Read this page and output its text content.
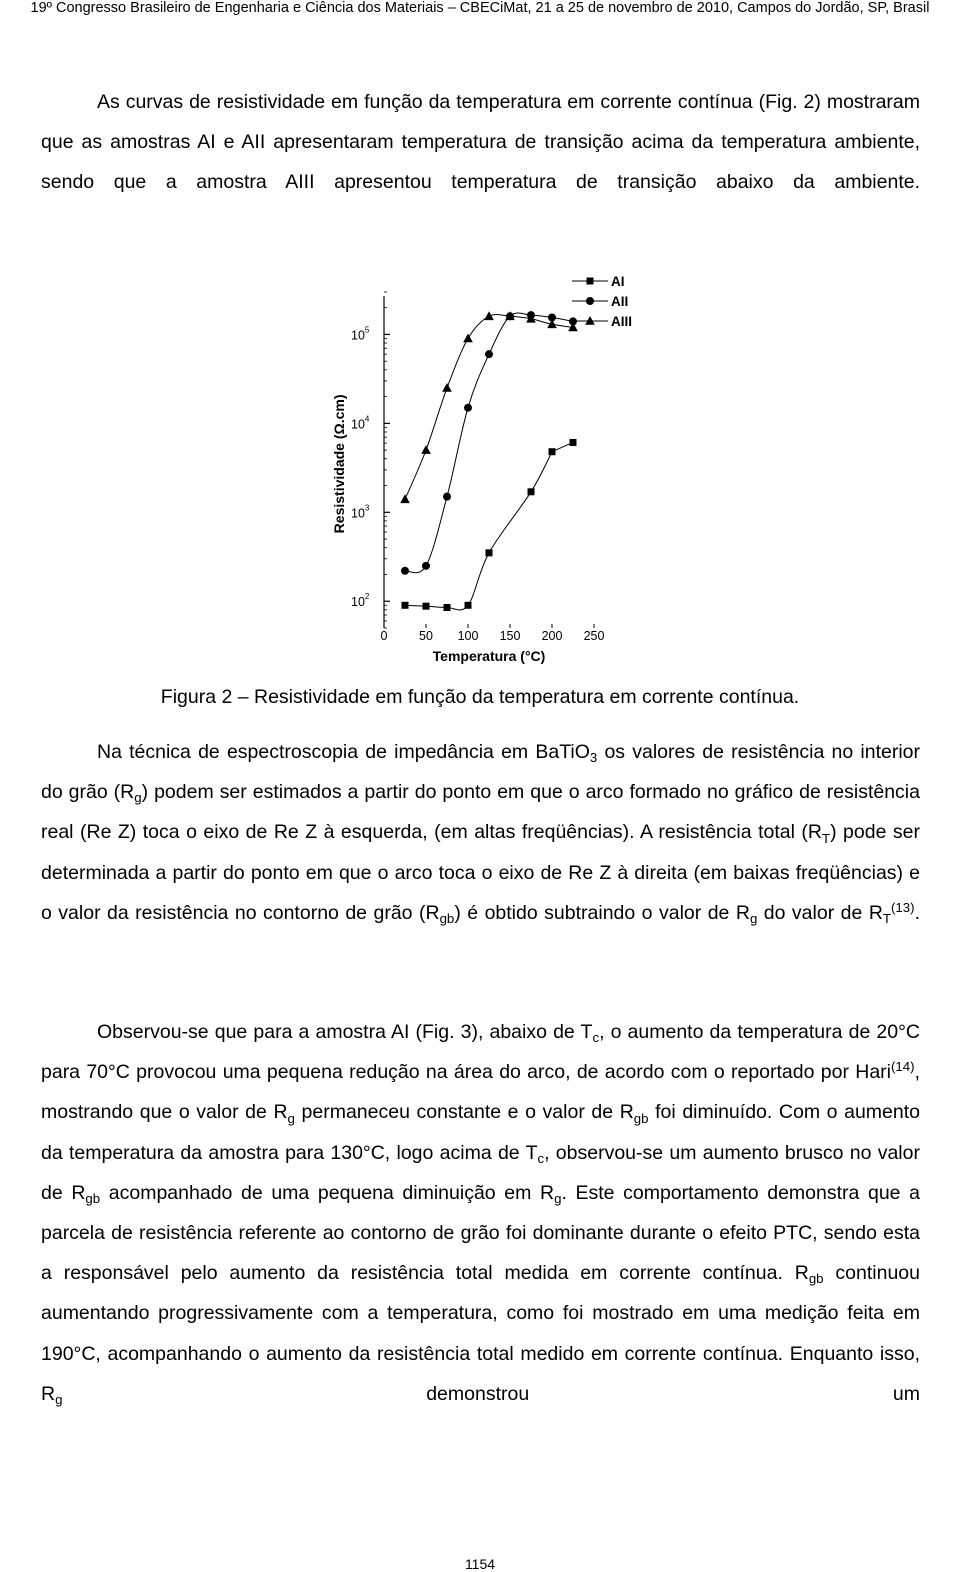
19º Congresso Brasileiro de Engenharia e Ciência dos Materiais – CBECiMat, 21 a 25 de novembro de 2010, Campos do Jordão, SP, Brasil
As curvas de resistividade em função da temperatura em corrente contínua (Fig. 2) mostraram que as amostras AI e AII apresentaram temperatura de transição acima da temperatura ambiente, sendo que a amostra AIII apresentou temperatura de transição abaixo da ambiente.
$10^2$
$10^3$
$10^4$
$10^5$
0	50 100 150 200 250
Temperatura (°C)
Resistividade (Ω.cm)
AI
AII
AIII
Figura 2 – Resistividade em função da temperatura em corrente contínua.
Na técnica de espectroscopia de impedância em BaTiO$_3$ os valores de resistência no interior do grão $(R_g)$ podem ser estimados a partir do ponto em que o arco formado no gráfico de resistência real (Re Z) toca o eixo de Re Z à esquerda, (em altas freqüências). A resistência total $(R_T)$ pode ser determinada a partir do ponto em que o arco toca o eixo de Re Z à direita (em baixas freqüências) e o valor da resistência no contorno de grão $(R_{gb})$ é obtido subtraindo o valor de $R_g$ do valor de $R_T^{(13)}$.
Observou-se que para a amostra AI (Fig. 3), abaixo de $T_c$, o aumento da temperatura de 20°C para 70°C provocou uma pequena redução na área do arco, de acordo com o reportado por Hari$^{(14)}$, mostrando que o valor de $R_g$ permaneceu constante e o valor de $R_{gb}$ foi diminuído. Com o aumento da temperatura da amostra para 130°C, logo acima de $T_c$, observou-se um aumento brusco no valor de $R_{gb}$ acompanhado de uma pequena diminuição em $R_g$. Este comportamento demonstra que a parcela de resistência referente ao contorno de grão foi dominante durante o efeito PTC, sendo esta a responsável pelo aumento da resistência total medida em corrente contínua. $R_{gb}$ continuou aumentando progressivamente com a temperatura, como foi mostrado em uma medição feita em 190°C, acompanhando o aumento da resistência total medido em corrente contínua. Enquanto isso, $R_g$ demonstrou um
1154
